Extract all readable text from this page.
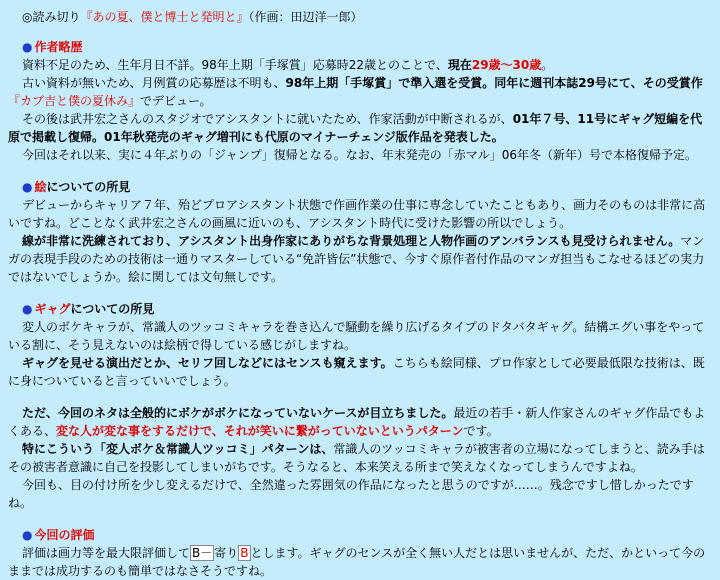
◎読み切り『あの夏、僕と博士と発明と』（作画：田辺洋一郎）
● 作者略歴

資料不足のため、生年月日不詳。98年上期「手塚賞」応募時22歳とのことで、現在29歳～30歳。

古い資料が無いため、月例賞の応募歴は不明も、98年上期「手塚賞」で準入選を受賞。同年に週刊本誌29号にて、その受賞作『カブ吉と僕の夏休み』でデビュー。

その後は武井宏之さんのスタジオでアシスタントに就いたため、作家活動が中断されるが、01年７号、11号にギャグ短編を代原で掲載し復帰。01年秋発売のギャグ増刊にも代原のマイナーチェンジ版作品を発表した。

今回はそれ以来、実に４年ぶりの「ジャンプ」復帰となる。なお、年末発売の「赤マル」06年冬（新年）号で本格復帰予定。

● 絵についての所見

デビューからキャリア７年、殆どプロアシスタント状態で作画作業の仕事に専念していたこともあり、画力そのものは非常に高いですね。どことなく武井宏之さんの画風に近いのも、アシスタント時代に受けた影響の所以でしょう。

線が非常に洗練されており、アシスタント出身作家にありがちな背景処理と人物作画のアンバランスも見受けられません。マンガの表現手段のための技術は一通りマスターしている“免許皆伝”状態で、今すぐ原作者付作品のマンガ担当もこなせるほどの実力ではないでしょうか。絵に関しては文句無しです。

● ギャグについての所見

変人のボケキャラが、常識人のツッコミキャラを巻き込んで騒動を繰り広げるタイプのドタバタギャグ。結構エグい事をやっている割に、そう見えないのは絵柄で得している感じがしますね。

ギャグを見せる演出だとか、セリフ回しなどにはセンスも窺えます。こちらも絵同様、プロ作家として必要最低限な技術は、既に身についていると言っていいでしょう。

ただ、今回のネタは全般的にボケがボケになっていないケースが目立ちました。最近の若手・新人作家さんのギャグ作品でもよくある、変な人が変な事をするだけで、それが笑いに繋がっていないというパターンです。

特にこういう「変人ボケ＆常識人ツッコミ」パターンは、常識人のツッコミキャラが被害者の立場になってしまうと、読み手はその被害者意識に自己を投影してしまいがちです。そうなると、本来笑える所まで笑えなくなってしまうんですよね。

今回も、目の付け所を少し変えるだけで、全然違った雰囲気の作品になったと思うのですが……。残念ですし惜しかったですね。

● 今回の評価

評価は画力等を最大限評価して B－ 寄り B とします。ギャグのセンスが全く無い人だとは思いませんが、ただ、かといって今のままでは成功するのも簡単ではなさそうですね。
